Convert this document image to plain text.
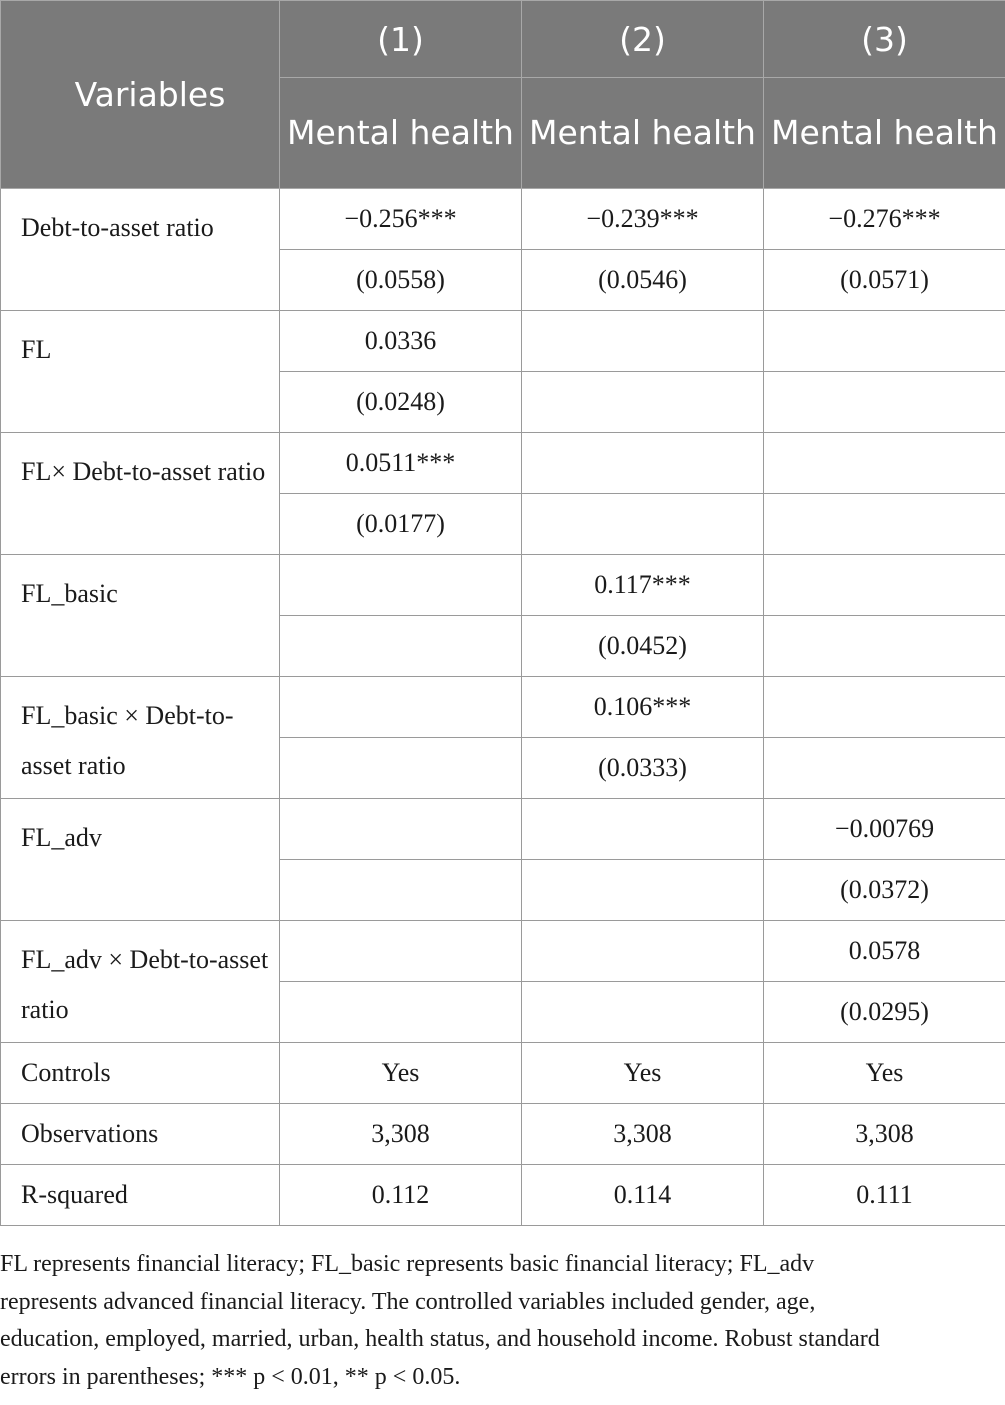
Variables	(1)	(2)	(3)
	Mental health	Mental health	Mental health
Debt-to-asset ratio	−0.256***	−0.239***	−0.276***
	(0.0558)	(0.0546)	(0.0571)
FL	0.0336		
	(0.0248)		
FL× Debt-to-asset ratio	0.0511***		
	(0.0177)		
FL_basic		0.117***	
		(0.0452)	
FL_basic × Debt-to-asset ratio		0.106***	
		(0.0333)	
FL_adv			−0.00769
			(0.0372)
FL_adv × Debt-to-asset ratio			0.0578
			(0.0295)
Controls	Yes	Yes	Yes
Observations	3,308	3,308	3,308
R-squared	0.112	0.114	0.111
FL represents financial literacy; FL_basic represents basic financial literacy; FL_adv
represents advanced financial literacy. The controlled variables included gender, age,
education, employed, married, urban, health status, and household income. Robust standard
errors in parentheses; *** p < 0.01, ** p < 0.05.
